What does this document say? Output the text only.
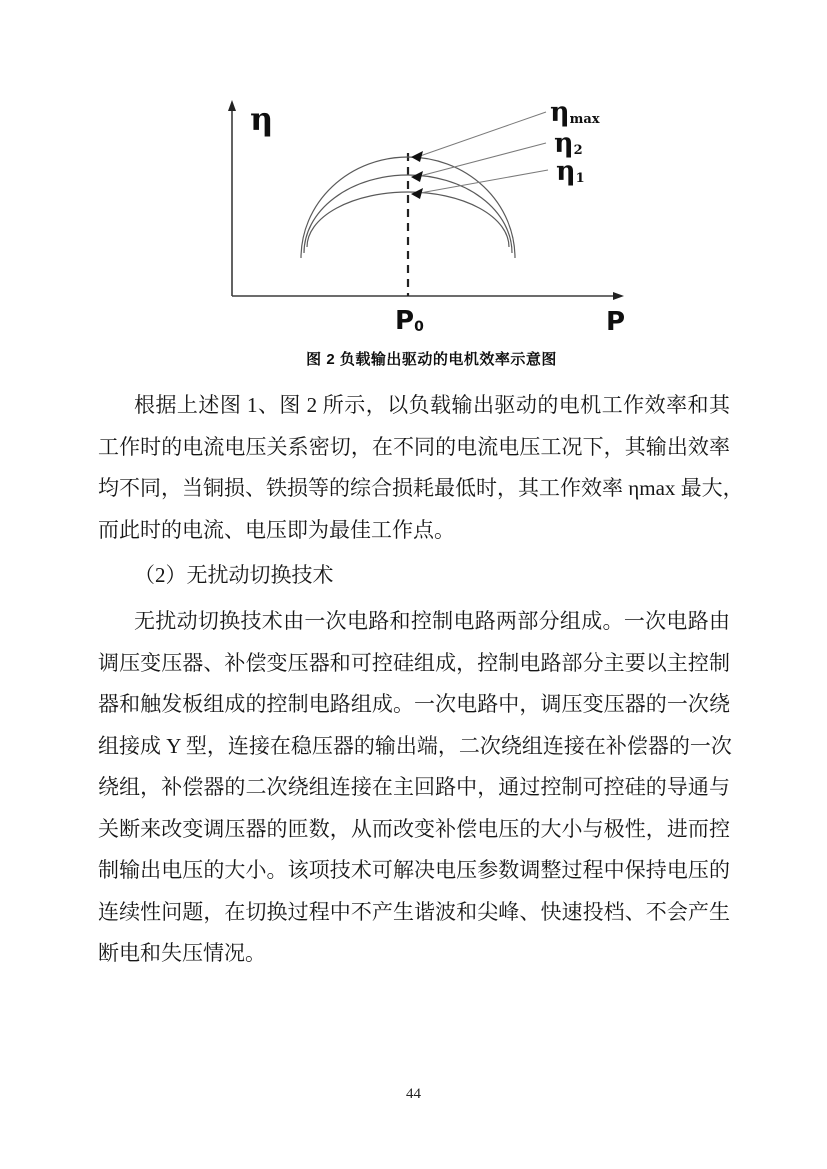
η
P
P0
ηmax
η2
η1
图 2 负载输出驱动的电机效率示意图
根据上述图 1、图 2 所示，以负载输出驱动的电机工作效率和其
工作时的电流电压关系密切，在不同的电流电压工况下，其输出效率
均不同，当铜损、铁损等的综合损耗最低时，其工作效率 ηmax 最大，
而此时的电流、电压即为最佳工作点。
（2）无扰动切换技术
无扰动切换技术由一次电路和控制电路两部分组成。一次电路由
调压变压器、补偿变压器和可控硅组成，控制电路部分主要以主控制
器和触发板组成的控制电路组成。一次电路中，调压变压器的一次绕
组接成 Y 型，连接在稳压器的输出端，二次绕组连接在补偿器的一次
绕组，补偿器的二次绕组连接在主回路中，通过控制可控硅的导通与
关断来改变调压器的匝数，从而改变补偿电压的大小与极性，进而控
制输出电压的大小。该项技术可解决电压参数调整过程中保持电压的
连续性问题，在切换过程中不产生谐波和尖峰、快速投档、不会产生
断电和失压情况。
44
